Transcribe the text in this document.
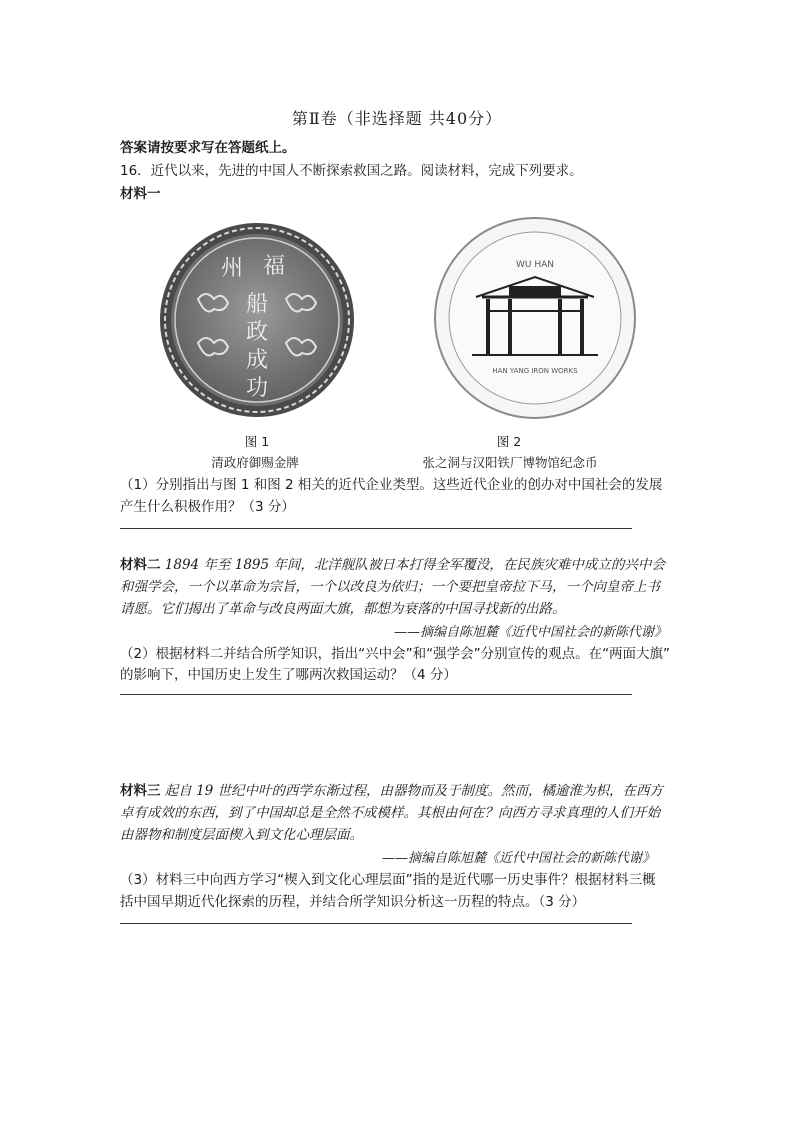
第Ⅱ卷（非选择题 共40分）
答案请按要求写在答题纸上。
16．近代以来，先进的中国人不断探索救国之路。阅读材料，完成下列要求。
材料一
福
州
船
政
成
功
WU HAN
HAN YANG IRON WORKS
图 1	图 2
清政府御赐金牌	张之洞与汉阳铁厂博物馆纪念币
（1）分别指出与图 1 和图 2 相关的近代企业类型。这些近代企业的创办对中国社会的发展
产生什么积极作用？（3 分）
材料二 1894 年至 1895 年间，北洋舰队被日本打得全军覆没，在民族灾难中成立的兴中会
和强学会，一个以革命为宗旨，一个以改良为依归；一个要把皇帝拉下马，一个向皇帝上书
请愿。它们揭出了革命与改良两面大旗，都想为衰落的中国寻找新的出路。
——摘编自陈旭麓《近代中国社会的新陈代谢》
（2）根据材料二并结合所学知识，指出“兴中会”和“强学会”分别宣传的观点。在“两面大旗”
的影响下，中国历史上发生了哪两次救国运动？（4 分）
材料三 起自 19 世纪中叶的西学东渐过程，由器物而及于制度。然而，橘逾淮为枳，在西方
卓有成效的东西，到了中国却总是全然不成模样。其根由何在？向西方寻求真理的人们开始
由器物和制度层面楔入到文化心理层面。
——摘编自陈旭麓《近代中国社会的新陈代谢》
（3）材料三中向西方学习“楔入到文化心理层面”指的是近代哪一历史事件？根据材料三概
括中国早期近代化探索的历程，并结合所学知识分析这一历程的特点。（3 分）
